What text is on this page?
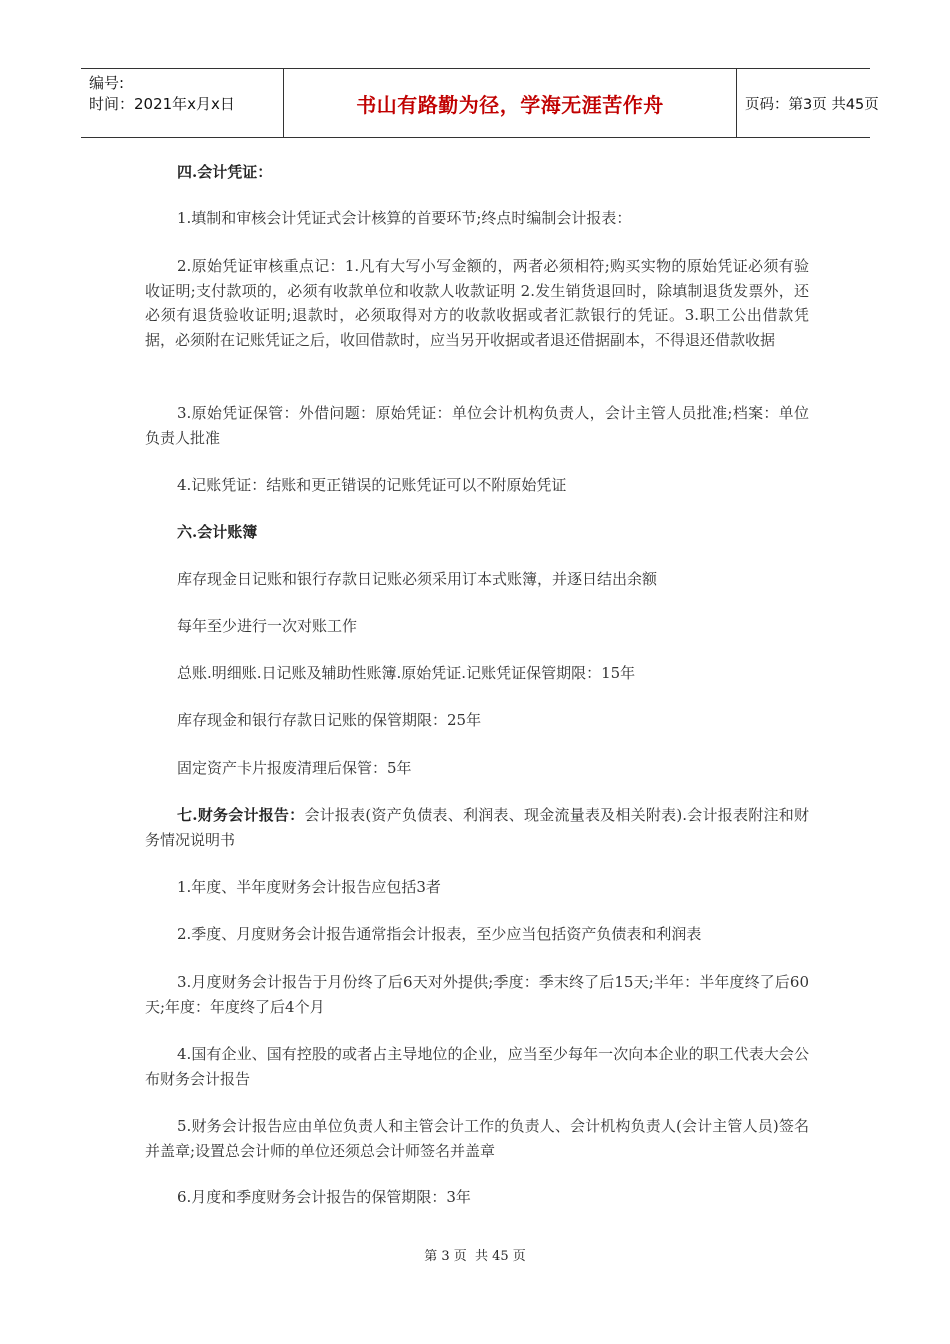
编号:
时间：2021年x月x日	书山有路勤为径，学海无涯苦作舟	页码：第3页 共45页
四.会计凭证：
1.填制和审核会计凭证式会计核算的首要环节;终点时编制会计报表：
2.原始凭证审核重点记：1.凡有大写小写金额的，两者必须相符;购买实物的原始凭证必须有验收证明;支付款项的，必须有收款单位和收款人收款证明 2.发生销货退回时，除填制退货发票外，还必须有退货验收证明;退款时，必须取得对方的收款收据或者汇款银行的凭证。3.职工公出借款凭据，必须附在记账凭证之后，收回借款时，应当另开收据或者退还借据副本，不得退还借款收据
3.原始凭证保管：外借问题：原始凭证：单位会计机构负责人，会计主管人员批准;档案：单位负责人批准
4.记账凭证：结账和更正错误的记账凭证可以不附原始凭证
六.会计账簿
库存现金日记账和银行存款日记账必须采用订本式账簿，并逐日结出余额
每年至少进行一次对账工作
总账.明细账.日记账及辅助性账簿.原始凭证.记账凭证保管期限：15年
库存现金和银行存款日记账的保管期限：25年
固定资产卡片报废清理后保管：5年
七.财务会计报告：会计报表(资产负债表、利润表、现金流量表及相关附表).会计报表附注和财务情况说明书
1.年度、半年度财务会计报告应包括3者
2.季度、月度财务会计报告通常指会计报表，至少应当包括资产负债表和利润表
3.月度财务会计报告于月份终了后6天对外提供;季度：季末终了后15天;半年：半年度终了后60天;年度：年度终了后4个月
4.国有企业、国有控股的或者占主导地位的企业，应当至少每年一次向本企业的职工代表大会公布财务会计报告
5.财务会计报告应由单位负责人和主管会计工作的负责人、会计机构负责人(会计主管人员)签名并盖章;设置总会计师的单位还须总会计师签名并盖章
6.月度和季度财务会计报告的保管期限：3年
第 3 页  共 45 页
